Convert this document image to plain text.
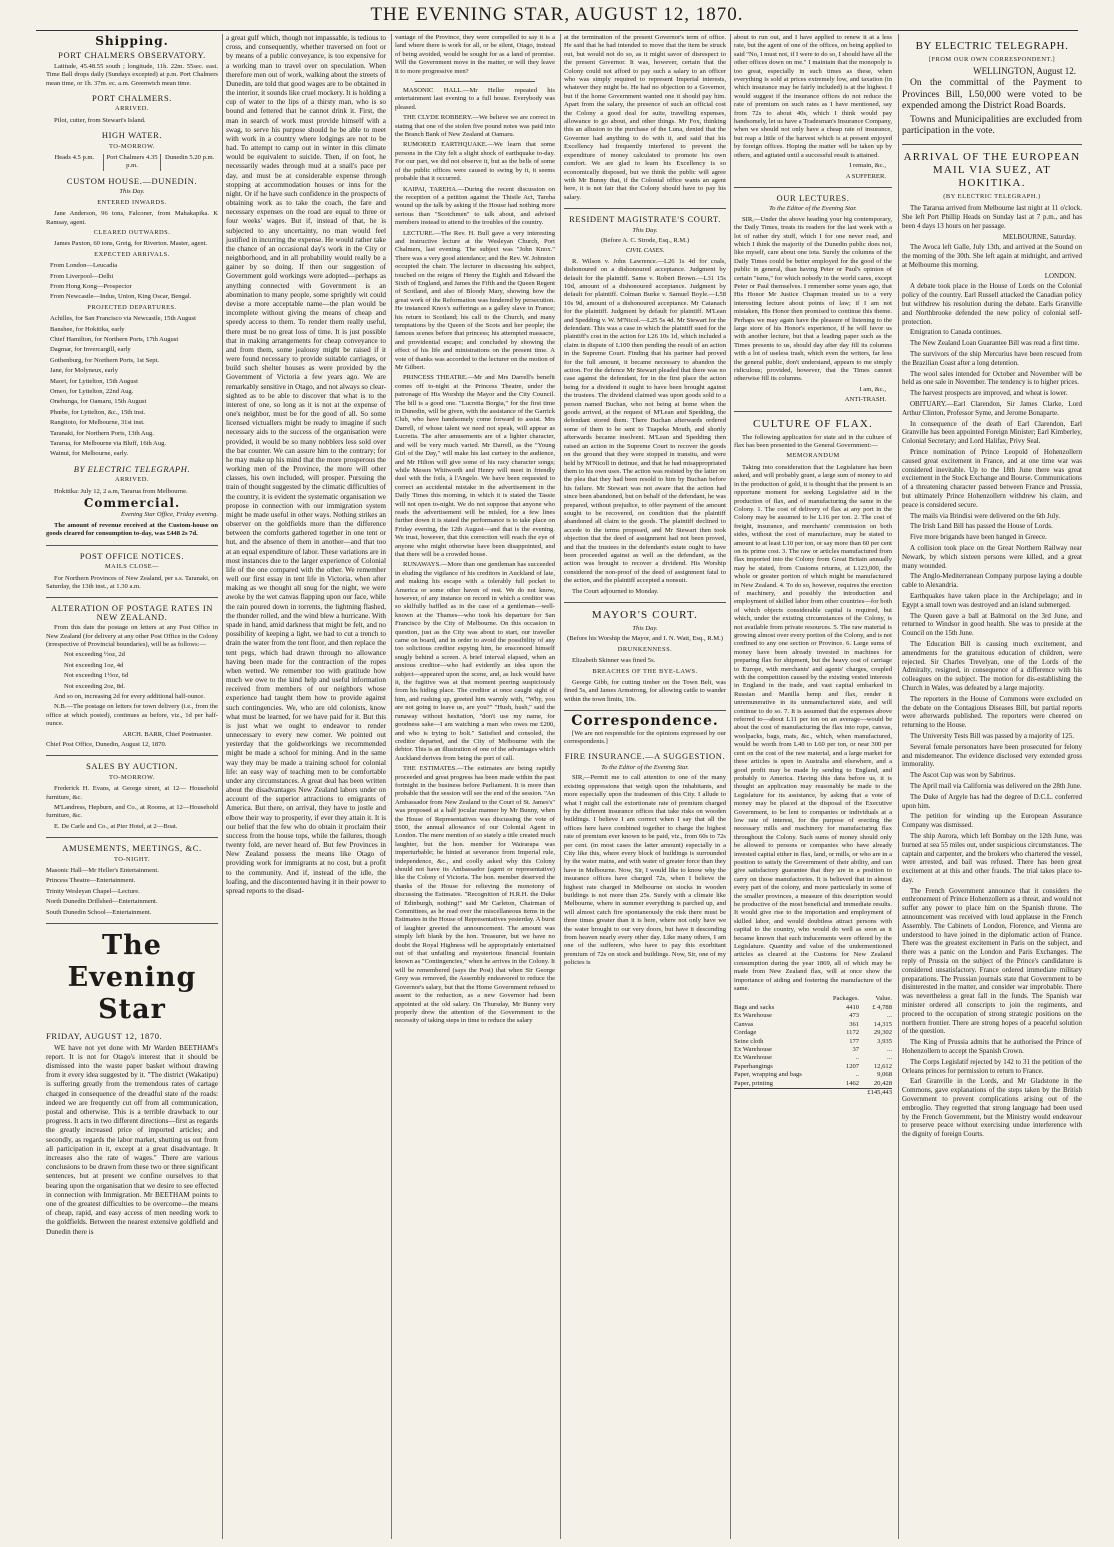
THE EVENING STAR, AUGUST 12, 1870.
Shipping.
PORT CHALMERS OBSERVATORY.

Latitude, 45.48.55 south ; longitude, 11h. 22m. 55sec. east. Time Ball drops daily (Sundays excepted) at p.m. Port Chalmers mean time, or 1h. 37m. ec. a.m. Greenwich mean time.

PORT CHALMERS.
ARRIVED.

Pilot, cutter, from Stewart's Island.

HIGH WATER.
TO-MORROW.
Heads 4.5 p.m.	Port Chalmers 4.35 p.m.
Dunedin 5.20 p.m.
CUSTOM HOUSE.—DUNEDIN.
This Day.
ENTERED INWARDS.

Jane Anderson, 96 tons, Falconer, from Mahakapika. K Ramsay, agent.

CLEARED OUTWARDS.

James Paxton, 60 tons, Greig, for Riverton. Master, agent.

EXPECTED ARRIVALS.

From London—Leucadia

From Liverpool—Delhi

From Hong Kong—Prospector

From Newcastle—Indus, Union, King Oscar, Bengal.

PROJECTED DEPARTURES.

Achilles, for San Francisco via Newcastle, 15th August

Banshee, for Hokitika, early

Chief Hamilton, for Northern Ports, 17th August

Dagmar, for Invercargill, early

Gothenburg, for Northern Ports, 1st Sept.

Jane, for Molyneux, early

Maori, for Lyttelton, 15th August

Omeo, for Lyttelton, 22nd Aug.

Onehunga, for Oamaru, 15th August

Phœbe, for Lyttelton, &c., 15th inst.

Rangitoto, for Melbourne, 31st inst.

Taranaki, for Northern Ports, 13th Aug.

Tararua, for Melbourne via Bluff, 16th Aug.

Wainui, for Melbourne, early.

BY ELECTRIC TELEGRAPH.
ARRIVED.

Hokitika: July 12, 2 a.m, Tararua from Melbourne.

Commercial.
Evening Star Office, Friday evening.

The amount of revenue received at the Custom-house on goods cleared for consumption to-day, was £448 2s 7d.

POST OFFICE NOTICES.
MAILS CLOSE—

For Northern Provinces of New Zealand, per s.s. Taranaki, on Saturday, the 13th inst., at 1.30 a.m.

ALTERATION OF POSTAGE RATES IN NEW ZEALAND.

From this date the postage on letters at any Post Office in New Zealand (for delivery at any other Post Office in the Colony (irrespective of Provincial boundaries), will be as follows:—

Not exceeding ½oz, 2d

Not exceeding 1oz, 4d

Not exceeding 1½oz, 6d

Not exceeding 2oz, 8d.

And so on, increasing 2d for every additional half-ounce.

N.B.—The postage on letters for town delivery (i.e., from the office at which posted), continues as before, viz., 1d per half-ounce.

ARCH. BARR, Chief Postmaster.

Chief Post Office, Dunedin, August 12, 1870.

SALES BY AUCTION.
TO-MORROW.

Frederick H. Evans, at George street, at 12— Household furniture, &c.

M'Landress, Hepburn, and Co., at Rooms, at 12—Household furniture, &c.

E. De Carle and Co., at Pier Hotel, at 2—Boat.

AMUSEMENTS, MEETINGS, &C.
TO-NIGHT.

Masonic Hall—Mr Heller's Entertainment.

Princess Theatre—Entertainment.

Trinity Wesleyan Chapel—Lecture.

North Dunedin Drillshed—Entertainment.

South Dunedin School—Entertainment.

The Evening Star
FRIDAY, AUGUST 12, 1870.

WE have not yet done with Mr Warden BEETHAM's report. It is not for Otago's interest that it should be dismissed into the waste paper basket without drawing from it every idea suggested by it. "The district (Wakatipu) is suffering greatly from the tremendous rates of cartage charged in consequence of the dreadful state of the roads: indeed we are frequently cut off from all communication, postal and otherwise. This is a terrible drawback to our progress. It acts in two different directions—first as regards the greatly increased price of imported articles; and secondly, as regards the labor market, shutting us out from all participation in it, except at a great disadvantage. It increases also the rate of wages." There are various conclusions to be drawn from these two or three significant sentences, but at present we confine ourselves to that bearing upon the organisation that we desire to see effected in connection with Immigration. Mr BEETHAM points to one of the greatest difficulties to be overcome—the means of cheap, rapid, and easy access of men needing work to the goldfields. Between the nearest extensive goldfield and Dunedin there is

a great gulf which, though not impassable, is tedious to cross, and consequently, whether traversed on foot or by means of a public conveyance, is too expensive for a working man to travel over on speculation. When therefore men out of work, walking about the streets of Dunedin, are told that good wages are to be obtained in the interior, it sounds like cruel mockery. It is holding a cup of water to the lips of a thirsty man, who is so bound and fettered that he cannot drink it. First, the man in search of work must provide himself with a swag, to serve his purpose should he be able to meet with work in a country where lodgings are not to be had. To attempt to camp out in winter in this climate would be equivalent to suicide. Then, if on foot, he necessarily wades through mud at a snail's pace per day, and must be at considerable expense through stopping at accommodation houses or inns for the night. Or if he have such confidence in the prospects of obtaining work as to take the coach, the fare and necessary expenses on the road are equal to three or four weeks' wages. But if, instead of that, he is subjected to any uncertainty, no man would feel justified in incurring the expense. He would rather take the chance of an occasional day's work in the City or neighborhood, and in all probability would really be a gainer by so doing. If then our suggestion of Government gold workings were adopted—perhaps as anything connected with Government is an abomination to many people, some sprightly wit could devise a more acceptable name—the plan would be incomplete without giving the means of cheap and speedy access to them. To render them really useful, there must be no great loss of time. It is just possible that in making arrangements for cheap conveyance to and from them, some jealousy might be raised if it were found necessary to provide suitable carriages, or build such shelter houses as were provided by the Government of Victoria a few years ago. We are remarkably sensitive in Otago, and not always so clear-sighted as to be able to discover that what is to the interest of one, so long as it is not at the expense of one's neighbor, must be for the good of all. So some licensed victuallers might be ready to imagine if such necessary aids to the success of the organisation were provided, it would be so many nobblers less sold over the bar counter. We can assure him to the contrary; for he may make up his mind that the more prosperous the working men of the Province, the more will other classes, his own included, will prosper. Pursuing the train of thought suggested by the climatic difficulties of the country, it is evident the systematic organisation we propose in connection with our immigration system might be made useful in other ways. Nothing strikes an observer on the goldfields more than the difference between the comforts gathered together in one tent or hut, and the absence of them in another—and that too at an equal expenditure of labor. These variations are in most instances due to the larger experience of Colonial life of the one compared with the other. We remember well our first essay in tent life in Victoria, when after making as we thought all snug for the night, we were awoke by the wet canvas flapping upon our face, while the rain poured down in torrents, the lightning flashed, the thunder rolled, and the wind blew a hurricane. With spade in hand, amid darkness that might be felt, and no possibility of keeping a light, we had to cut a trench to drain the water from the tent floor, and then replace the tent pegs, which had drawn through no allowance having been made for the contraction of the ropes when wetted. We remember too with gratitude how much we owe to the kind help and useful information received from members of our neighbors whose experience had taught them how to provide against such contingencies. We, who are old colonists, know what must be learned, for we have paid for it. But this is just what we ought to endeavor to render unnecessary to every new comer. We pointed out yesterday that the goldworkings we recommended might be made a school for mining. And in the same way they may be made a training school for colonial life: an easy way of teaching men to be comfortable under any circumstances. A great deal has been written about the disadvantages New Zealand labors under on account of the superior attractions to emigrants of America. But there, on arrival, they have to jostle and elbow their way to prosperity, if ever they attain it. It is our belief that the few who do obtain it proclaim their success from the house tops, while the failures, though twenty fold, are never heard of. But few Provinces in New Zealand possess the means like Otago of providing work for immigrants at no cost, but a profit to the community. And if, instead of the idle, the loafing, and the discontented having it in their power to spread reports to the disad-

vantage of the Province, they were compelled to say it is a land where there is work for all, or be silent, Otago, instead of being avoided, would be sought for as a land of promise. Will the Government move in the matter, or will they leave it to more progressive men?

MASONIC HALL.—Mr Heller repeated his entertainment last evening to a full house. Everybody was pleased.

THE CLYDE ROBBERY.—We believe we are correct in stating that one of the stolen five pound notes was paid into the Branch Bank of New Zealand at Oamaru.

RUMORED EARTHQUAKE.—We learn that some persons in the City felt a slight shock of earthquake to-day. For our part, we did not observe it, but as the bells of some of the public offices were caused to swing by it, it seems probable that it occurred.

KAIPAI, TAREHA.—During the recent discussion on the reception of a petition against the Thistle Act, Tareha wound up the talk by asking if the House had nothing more serious than "Scotchmen" to talk about, and advised members instead to attend to the troubles of the country.

LECTURE.—The Rev. H. Bull gave a very interesting and instructive lecture at the Wesleyan Church, Port Chalmers, last evening. The subject was "John Knox." There was a very good attendance; and the Rev. W. Johnston occupied the chair. The lecturer in discussing his subject, touched on the reigns of Henry the Eighth and Edward the Sixth of England, and James the Fifth and the Queen Regent of Scotland, and also of Bloody Mary, showing how the great work of the Reformation was hindered by persecution. He instanced Knox's sufferings as a galley slave in France; his return to Scotland; his call to the Church, and many temptations by the Queen of the Scots and her people; the famous scenes before that princess; his attempted massacre, and providential escape; and concluded by showing the effect of his life and ministrations on the present time. A vote of thanks was accorded to the lecturer on the motion of Mr Gilbert.

PRINCESS THEATRE.—Mr and Mrs Darrell's benefit comes off to-night at the Princess Theatre, under the patronage of His Worship the Mayor and the City Council. The bill is a good one. "Lucretia Borgia," for the first time in Dunedin, will be given, with the assistance of the Garrick Club, who have handsomely come forward to assist. Mrs Darrell, of whose talent we need not speak, will appear as Lucretia. The after amusements are of a lighter character, and will be very much varied. Mr Darrell, as the "Young Girl of the Day," will make his last curtsey to the audience, and Mr Hilton will give some of his racy character songs; while Messrs Whitworth and Henry will meet in friendly duel with the foils, à l'Angelo. We have been requested to correct an accidental mistake in the advertisement in the Daily Times this morning, in which it is stated the Tassie will not open to-night. We do not suppose that anyone who reads the advertisement will be misled, for a few lines further down it is stated the performance is to take place on Friday evening, the 12th August—and that is the evening. We trust, however, that this correction will reach the eye of anyone who might otherwise have been disappointed, and that there will be a crowded house.

RUNAWAYS.—More than one gentleman has succeeded in eluding the vigilance of his creditors in Auckland of late, and making his escape with a tolerably full pocket to America or some other haven of rest. We do not know, however, of any instance on record in which a creditor was so skilfully baffled as in the case of a gentleman—well-known at the Thames—who took his departure for San Francisco by the City of Melbourne. On this occasion in question, just as the City was about to start, our traveller came on board, and in order to avoid the possibility of any too solicitous creditor espying him, he ensconced himself snugly behind a screen. A brief interval elapsed, when an anxious creditor—who had evidently an idea upon the subject—appeared upon the scene, and, as luck would have it, the fugitive was at that moment peering suspiciously from his hiding place. The creditor at once caught sight of him, and rushing up, greeted him warmly with, "Why, you are not going to leave us, are you?" "Hush, hush," said the runaway without hesitation, "don't use my name, for goodness sake—I am watching a man who owes me £200, and who is trying to bolt." Satisfied and consoled, the creditor departed, and the City of Melbourne with the debtor. This is an illustration of one of the advantages which Auckland derives from being the port of call.

THE ESTIMATES.—The estimates are being rapidly proceeded and great progress has been made within the past fortnight in the business before Parliament. It is more than probable that the session will see the end of the session. "An Ambassador from New Zealand to the Court of St. James's" was proposed at a half jocular manner by Mr Bunny, when the House of Representatives was discussing the vote of £600, the annual allowance of our Colonial Agent in London. The mere mention of so stately a title created much laughter, but the hon. member for Wairarapa was imperturbable; he hinted at severance from Imperial rule, independence, &c., and coolly asked why this Colony should not have its Ambassador (agent or representative) like the Colony of Victoria. The hon. member deserved the thanks of the House for relieving the monotony of discussing the Estimates. "Recognition of H.R.H. the Duke of Edinburgh, nothing!" said Mr Carleton, Chairman of Committees, as he read over the miscellaneous items in the Estimates in the House of Representatives yesterday. A burst of laughter greeted the announcement. The amount was simply left blank by the hon. Treasurer, but we have no doubt the Royal Highness will be appropriately entertained out of that unfailing and mysterious financial fountain known as "Contingencies," when he arrives in the Colony. It will be remembered (says the Post) that when Sir George Grey was removed, the Assembly endeavored to reduce the Governor's salary, but that the Home Government refused to assent to the reduction, as a new Governor had been appointed at the old salary. On Thursday, Mr Bunny very properly drew the attention of the Government to the necessity of taking steps in time to reduce the salary

at the termination of the present Governor's term of office. He said that he had intended to move that the item be struck out, but would not do so, as it might savor of disrespect to the present Governor. It was, however, certain that the Colony could not afford to pay such a salary to an officer who was simply required to represent Imperial interests, whatever they might be. He had no objection to a Governor, but if the home Government wanted one it should pay him. Apart from the salary, the presence of such an official cost the Colony a good deal for suite, travelling expenses, allowance to go about, and other things. Mr Fox, thinking this an allusion to the purchase of the Luna, denied that the Governor had anything to do with it, and said that his Excellency had frequently interfered to prevent the expenditure of money calculated to promote his own comfort. We are glad to learn his Excellency is so economically disposed, but we think the public will agree with Mr Bunny that, if the Colonial office wants an agent here, it is not fair that the Colony should have to pay his salary.

RESIDENT MAGISTRATE'S COURT.
This Day.
(Before A. C. Strode, Esq., R.M.)
CIVIL CASES.

R. Wilson v. John Lawrence.—L26 1s 4d for coals, dishonoured on a dishonoured acceptance. Judgment by default for the plaintiff. Same v. Robert Brown.—L31 15s 10d, amount of a dishonoured acceptance. Judgment by default for plaintiff. Colman Burke v. Samuel Boyle.—L58 10s 9d, amount of a dishonoured acceptance. Mr Catanach for the plaintiff. Judgment by default for plaintiff. M'Lean and Spedding v. W. M'Nicol.—L25 5s 4d. Mr Stewart for the defendant. This was a case in which the plaintiff sued for the plaintiff's cost in the action for L26 10s 1d, which included a claim in dispute of L100 then pending the result of an action in the Supreme Court. Finding that his partner had proved for the full amount, it became necessary to abandon the action. For the defence Mr Stewart pleaded that there was no case against the defendant, for in the first place the action being for a dividend it ought to have been brought against the trustees. The dividend claimed was upon goods sold to a person named Buchan, who not being at home when the goods arrived, at the request of M'Lean and Spedding, the defendant stored them. There Buchan afterwards ordered some of them to be sent to Tuapeka Mouth, and shortly afterwards became insolvent. M'Lean and Spedding then raised an action in the Supreme Court to recover the goods on the ground that they were stopped in transitu, and were held by M'Nicoll in detinue, and that he had misappropriated them to his own uses. The action was resisted by the latter on the plea that they had been resold to him by Buchan before his failure. Mr Stewart was not aware that the action had since been abandoned, but on behalf of the defendant, he was prepared, without prejudice, to offer payment of the amount sought to be recovered, on condition that the plaintiff abandoned all claim to the goods. The plaintiff declined to accede to the terms proposed, and Mr Stewart then took objection that the deed of assignment had not been proved, and that the trustees in the defendant's estate ought to have been proceeded against as well as the defendant, as the action was brought to recover a dividend. His Worship considered the non-proof of the deed of assignment fatal to the action, and the plaintiff accepted a nonsuit.

The Court adjourned to Monday.

MAYOR'S COURT.
This Day.
(Before his Worship the Mayor, and I. N. Watt, Esq., R.M.)
DRUNKENNESS.

Elizabeth Skinner was fined 5s.

BREACHES OF THE BYE-LAWS.

George Gibb, for cutting timber on the Town Belt, was fined 5s, and James Armstrong, for allowing cattle to wander within the town limits, 10s.

Correspondence.

[We are not responsible for the opinions expressed by our correspondents.]

FIRE INSURANCE.—A SUGGESTION.
To the Editor of the Evening Star.

SIR,—Permit me to call attention to one of the many existing oppressions that weigh upon the inhabitants, and more especially upon the tradesmen of this City. I allude to what I might call the extortionate rate of premium charged by the different insurance offices that take risks on wooden buildings. I believe I am correct when I say that all the offices here have combined together to charge the highest rate of premium ever known to be paid, viz., from 60s to 72s per cent. (in most cases the latter amount) especially in a City like this, where every block of buildings is surrounded by the water mains, and with water of greater force than they have in Melbourne. Now, Sir, I would like to know why the insurance offices have charged 72s, when I believe the highest rate charged in Melbourne on stocks in wooden buildings is not more than 25s. Surely with a climate like Melbourne, where in summer everything is parched up, and will almost catch fire spontaneously the risk there must be three times greater than it is here, where not only have we the water brought to our very doors, but have it descending from heaven nearly every other day. Like many others, I am one of the sufferers, who have to pay this exorbitant premium of 72s on stock and buildings. Now, Sir, one of my policies is

about to run out, and I have applied to renew it at a less rate, but the agent of one of the offices, on being applied to said "No, I must not, if I were to do so, I should have all the other offices down on me." I maintain that the monopoly is too great, especially in such times as these, when everything is sold at prices extremely low, and taxation (in which insurance may be fairly included) is at the highest. I would suggest if the insurance offices do not reduce the rate of premium on such rates as I have mentioned, say from 72s to about 40s, which I think would pay handsomely, let us have a Tradesman's Insurance Company, when we should not only have a cheap rate of insurance, but reap a little of the harvest which is at present enjoyed by foreign offices. Hoping the matter will be taken up by others, and agitated until a successful result is attained.

I remain, &c.,

A SUFFERER.

OUR LECTURES.
To the Editor of the Evening Star.

SIR,—Under the above heading your big contemporary, the Daily Times, treats its readers for the last week with a lot of rather dry stuff, which I for one never read, and which I think the majority of the Dunedin public does not, like myself, care about one iota. Surely the columns of the Daily Times could be better employed for the good of the public in general, than having Peter or Paul's opinion of certain "isms," for which nobody in the world cares, except Peter or Paul themselves. I remember some years ago, that His Honor Mr Justice Chapman treated us to a very interesting lecture about points of law; if I am not mistaken, His Honor then promised to continue this theme. Perhaps we may again have the pleasure of listening to the large store of his Honor's experience, if he will favor us with another lecture, but that a leading paper such as the Times presents to us, should day after day fill its columns with a lot of useless trash, which even the writers, far less the general public, don't understand, appears to me simply ridiculous; provided, however, that the Times cannot otherwise fill its columns.

I am, &c.,

ANTI-TRASH.

CULTURE OF FLAX.

The following application for state aid in the culture of flax has been presented to the General Government:—

MEMORANDUM

Taking into consideration that the Legislature has been asked, and will probably grant, a large sum of money to aid in the production of gold, it is thought that the present is an opportune moment for seeking Legislative aid in the production of flax, and of manufacturing the same in the Colony. 1. The cost of delivery of flax at any port in the Colony may be assumed to be L16 per ton. 2. The cost of freight, insurance, and merchants' commission on both sides, without the cost of manufacture, may be stated to amount to at least L10 per ton, or say more than 60 per cent on its prime cost. 3. The raw or articles manufactured from flax imported into the Colony from Great Britain annually may be stated, from Customs returns, at L123,000, the whole or greater portion of which might be manufactured in New Zealand. 4. To do so, however, requires the erection of machinery, and possibly the introduction and employment of skilled labor from other countries—for both of which objects considerable capital is required, but which, under the existing circumstances of the Colony, is not available from private resources. 5. The raw material is growing almost over every portion of the Colony, and is not confined to any one section or Province. 6. Large sums of money have been already invested in machines for preparing flax for shipment, but the heavy cost of carriage to Europe, with merchants' and agents' charges, coupled with the competition caused by the existing vested interests in England in the trade, and vast capital embarked in Russian and Manilla hemp and flax, render it unremunerative in its unmanufactured state, and will continue to do so. 7. It is assumed that the expenses above referred to—about L11 per ton on an average—would be about the cost of manufacturing the flax into rope, canvas, woolpacks, bags, mats, &c., which, when manufactured, would be worth from L40 to L60 per ton, or near 300 per cent on the cost of the raw material, and a large market for these articles is open in Australia and elsewhere, and a good profit may be made by sending to England, and probably to America. Having this data before us, it is thought an application may reasonably be made to the Legislature for its assistance, by asking that a vote of money may be placed at the disposal of the Executive Government, to be lent to companies or individuals at a low rate of interest, for the purpose of erecting the necessary mills and machinery for manufacturing flax throughout the Colony. Such sums of money should only be allowed to persons or companies who have already invested capital either in flax, land, or mills, or who are in a position to satisfy the Government of their ability, and can give satisfactory guarantee that they are in a position to carry on those manufactories. It is believed that in almost every part of the colony, and more particularly in some of the smaller provinces, a measure of this description would be productive of the most beneficial and immediate results. It would give rise to the importation and employment of skilled labor, and would doubtless attract persons with capital to the country, who would do well as soon as it became known that such inducements were offered by the Legislature. Quantity and value of the undermentioned articles as cleared at the Customs for New Zealand consumption during the year 1869, all of which may be made from New Zealand flax, will at once show the importance of aiding and fostering the manufacture of the same.

	Packages.	Value.
Bags and sacks	4410	£ 4,788
Ex Warehouse	473	...
Canvas	361	14,315
Cordage	1172	29,302
Seine cloth	177	3,935
Ex Warehouse	37	...
Ex Warehouse	..	...
Paperhangings	1207	12,612
Paper, wrapping and bags	..	9,068
Paper, printing	1462	20,428
		£145,443
BY ELECTRIC TELEGRAPH.
[FROM OUR OWN CORRESPONDENT.]

WELLINGTON, August 12.

On the committal of the Payment to Provinces Bill, L50,000 were voted to be expended among the District Road Boards.

Towns and Municipalities are excluded from participation in the vote.

ARRIVAL OF THE EUROPEAN MAIL VIA SUEZ, AT HOKITIKA.
(BY ELECTRIC TELEGRAPH.)

The Tararua arrived from Melbourne last night at 11 o'clock. She left Port Phillip Heads on Sunday last at 7 p.m., and has been 4 days 13 hours on her passage.

MELBOURNE, Saturday.

The Avoca left Galle, July 13th, and arrived at the Sound on the morning of the 30th. She left again at midnight, and arrived at Melbourne this morning.

LONDON.

A debate took place in the House of Lords on the Colonial policy of the country. Earl Russell attacked the Canadian policy but withdrew his resolution during the debate. Earls Granville and Northbrooke defended the new policy of colonial self-protection.

Emigration to Canada continues.

The New Zealand Loan Guarantee Bill was read a first time.

The survivors of the ship Mercurius have been rescued from the Brazilian Coast after a long detention.

The wool sales intended for October and November will be held as one sale in November. The tendency is to higher prices.

The harvest prospects are improved, and wheat is lower.

OBITUARY.—Earl Clarendon, Sir James Clarke, Lord Arthur Clinton, Professor Syme, and Jerome Bonaparte.

In consequence of the death of Earl Clarendon, Earl Granville has been appointed Foreign Minister; Earl Kimberley, Colonial Secretary; and Lord Halifax, Privy Seal.

Prince nomination of Prince Leopold of Hohenzollern caused great excitement in France, and at one time war was considered inevitable. Up to the 18th June there was great excitement in the Stock Exchange and Bourse. Communications of a threatening character passed between France and Prussia, but ultimately Prince Hohenzollern withdrew his claim, and peace is considered secure.

The mails via Brindisi were delivered on the 6th July.

The Irish Land Bill has passed the House of Lords.

Five more brigands have been hanged in Greece.

A collision took place on the Great Northern Railway near Newark, by which sixteen persons were killed, and a great many wounded.

The Anglo-Mediterranean Company purpose laying a double cable to Alexandria.

Earthquakes have taken place in the Archipelago; and in Egypt a small town was destroyed and an island submerged.

The Queen gave a ball at Balmoral on the 3rd June, and returned to Windsor in good health. She was to preside at the Council on the 15th June.

The Education Bill is causing much excitement, and amendments for the gratuitous education of children, were rejected. Sir Charles Trevelyan, one of the Lords of the Admiralty, resigned, in consequence of a difference with his colleagues on the subject. The motion for dis-establishing the Church in Wales, was defeated by a large majority.

The reporters in the House of Commons were excluded on the debate on the Contagious Diseases Bill, but partial reports were afterwards published. The reporters were cheered on returning to the House.

The University Tests Bill was passed by a majority of 125.

Several female personators have been prosecuted for felony and misdemeanor. The evidence disclosed very extended gross immorality.

The Ascot Cup was won by Sabrinus.

The April mail via California was delivered on the 28th June.

The Duke of Argyle has had the degree of D.C.L. conferred upon him.

The petition for winding up the European Assurance Company was dismissed.

The ship Aurora, which left Bombay on the 12th June, was burned at sea 55 miles out, under suspicious circumstances. The captain and carpenter, and the brokers who chartered the vessel, were arrested, and bail was refused. There has been great excitement at at this and other frauds. The trial takes place to-day.

The French Government announce that it considers the enthronement of Prince Hohenzollern as a threat, and would not suffer any power to place him on the Spanish throne. The announcement was received with loud applause in the French Assembly. The Cabinets of London, Florence, and Vienna are understood to have joined in the diplomatic action of France. There was the greatest excitement in Paris on the subject, and there was a panic on the London and Paris Exchanges. The reply of Prussia on the subject of the Prince's candidature is considered unsatisfactory. France ordered immediate military preparations. The Prussian journals state that Government to be disinterested in the matter, and consider war improbable. There was nevertheless a great fall in the funds. The Spanish war minister ordered all conscripts to join the regiments, and proceed to the occupation of strong strategic positions on the northern frontier. There are strong hopes of a peaceful solution of the question.

The King of Prussia admits that he authorised the Prince of Hohenzollern to accept the Spanish Crown.

The Corps Legislatif rejected by 142 to 31 the petition of the Orleans princes for permission to return to France.

Earl Granville in the Lords, and Mr Gladstone in the Commons, gave explanations of the steps taken by the British Government to prevent complications arising out of the embroglio. They regretted that strong language had been used by the French Government, but the Ministry would endeavour to preserve peace without exercising undue interference with the dignity of foreign Courts.
